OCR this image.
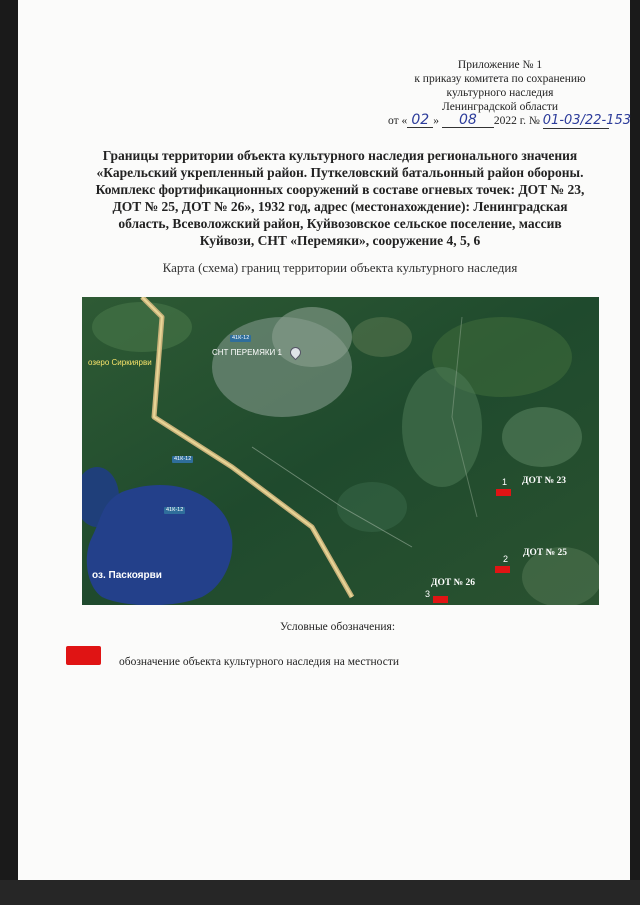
Приложение № 1
к приказу комитета по сохранению
культурного наследия
Ленинградской области
от « 02 » 08 2022 г. № 01-03/22-153
Границы территории объекта культурного наследия регионального значения
«Карельский укрепленный район. Путкеловский батальонный район обороны.
Комплекс фортификационных сооружений в составе огневых точек: ДОТ № 23,
ДОТ № 25, ДОТ № 26», 1932 год, адрес (местонахождение): Ленинградская
область, Всеволожский район, Куйвозовское сельское поселение, массив
Куйвози, СНТ «Перемяки», сооружение 4, 5, 6
Карта (схема) границ территории объекта культурного наследия
озеро Сиркиярви
оз. Паскоярви
СНТ ПЕРЕМЯКИ 1
41К-12
41К-12
41К-12
1 ДОТ № 23
2
ДОТ № 25
3
ДОТ № 26
Условные обозначения:
обозначение объекта культурного наследия на местности
